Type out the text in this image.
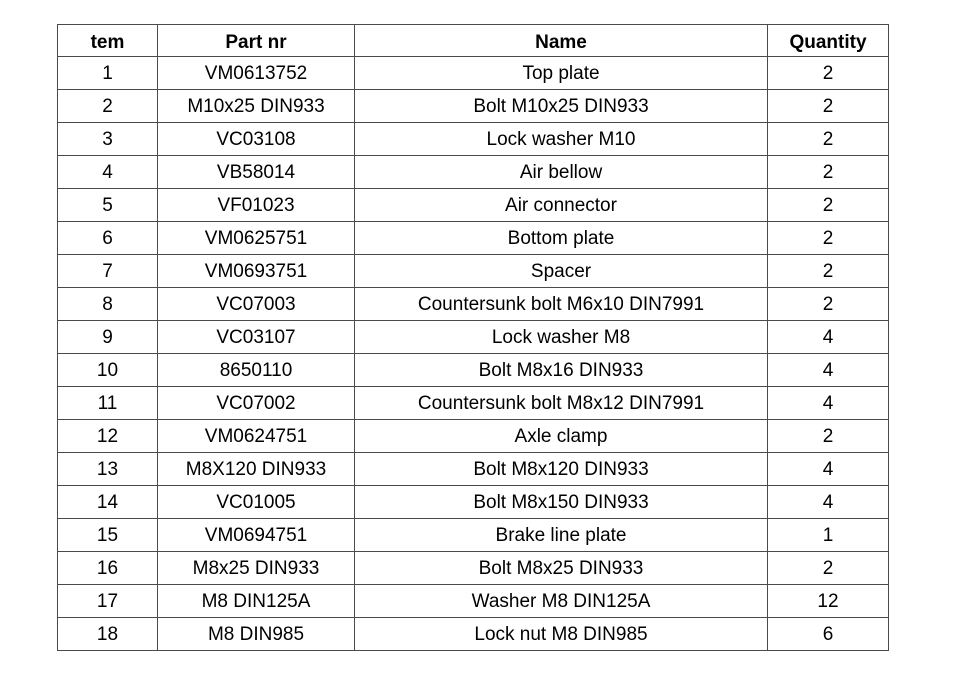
tem	Part nr	Name	Quantity
1	VM0613752	Top plate	2
2	M10x25 DIN933	Bolt M10x25 DIN933	2
3	VC03108	Lock washer M10	2
4	VB58014	Air bellow	2
5	VF01023	Air connector	2
6	VM0625751	Bottom plate	2
7	VM0693751	Spacer	2
8	VC07003	Countersunk bolt M6x10 DIN7991	2
9	VC03107	Lock washer M8	4
10	8650110	Bolt M8x16 DIN933	4
11	VC07002	Countersunk bolt M8x12 DIN7991	4
12	VM0624751	Axle clamp	2
13	M8X120 DIN933	Bolt M8x120 DIN933	4
14	VC01005	Bolt M8x150 DIN933	4
15	VM0694751	Brake line plate	1
16	M8x25 DIN933	Bolt M8x25 DIN933	2
17	M8 DIN125A	Washer M8 DIN125A	12
18	M8 DIN985	Lock nut M8 DIN985	6
